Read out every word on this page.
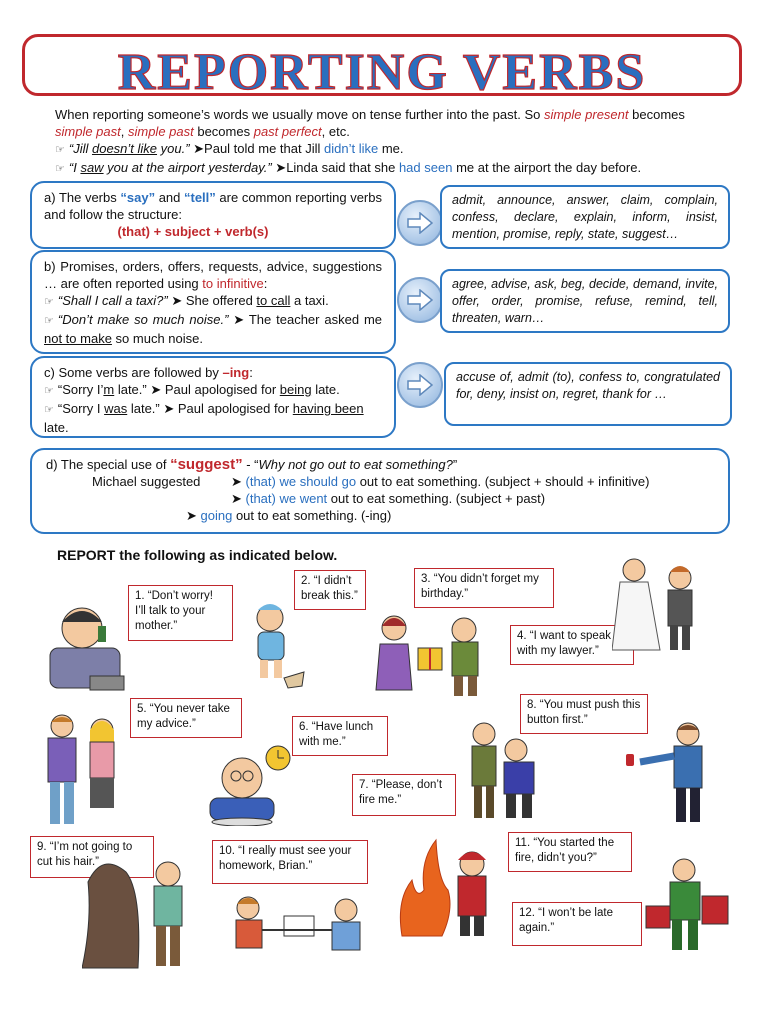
REPORTING VERBS
When reporting someone’s words we usually move on tense further into the past. So simple present becomes
simple past, simple past becomes past perfect, etc.
☞ “Jill doesn’t like you.” ➤Paul told me that Jill didn’t like me.
☞ “I saw you at the airport yesterday.” ➤Linda said that she had seen me at the airport the day before.
a) The verbs “say” and “tell” are common reporting verbs and follow the structure:
(that) + subject + verb(s)
admit, announce, answer, claim, complain, confess, declare, explain, inform, insist, mention, promise, reply, state, suggest…
b) Promises, orders, offers, requests, advice, suggestions … are often reported using to infinitive:
☞ “Shall I call a taxi?” ➤ She offered to call a taxi.
☞ “Don’t make so much noise.” ➤ The teacher asked me not to make so much noise.
agree, advise, ask, beg, decide, demand, invite, offer, order, promise, refuse, remind, tell, threaten, warn…
c) Some verbs are followed by –ing:
☞ “Sorry I’m late.” ➤ Paul apologised for being late.
☞ “Sorry I was late.” ➤ Paul apologised for having been late.
accuse of, admit (to), confess to, congratulated for, deny, insist on, regret, thank for …
d) The special use of “suggest” - “Why not go out to eat something?”
Michael suggested ➤ (that) we should go out to eat something. (subject + should + infinitive)
➤ (that) we went out to eat something. (subject + past)
➤ going out to eat something. (-ing)
REPORT the following as indicated below.
1. “Don’t worry! I’ll talk to your mother.”
2. “I didn’t break this.”
3. “You didn’t forget my birthday.”
4. “I want to speak with my lawyer.”
5. “You never take my advice.”	6. “Have lunch with me.”
7. “Please, don’t fire me.”
8. “You must push this button first.”
9. “I’m not going to cut his hair.”
10. “I really must see your homework, Brian.”
11. “You started the fire, didn’t you?”
12. “I won’t be late again.”
